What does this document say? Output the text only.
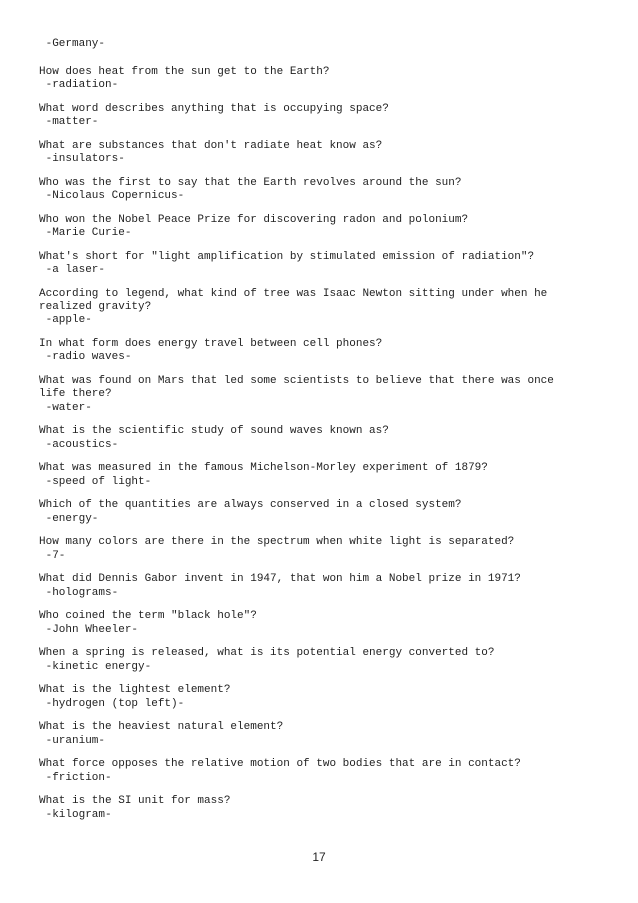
-Germany-
How does heat from the sun get to the Earth?
-radiation-
What word describes anything that is occupying space?
-matter-
What are substances that don't radiate heat know as?
-insulators-
Who was the first to say that the Earth revolves around the sun?
-Nicolaus Copernicus-
Who won the Nobel Peace Prize for discovering radon and polonium?
-Marie Curie-
What's short for "light amplification by stimulated emission of radiation"?
-a laser-
According to legend, what kind of tree was Isaac Newton sitting under when he
realized gravity?
-apple-
In what form does energy travel between cell phones?
-radio waves-
What was found on Mars that led some scientists to believe that there was once
life there?
-water-
What is the scientific study of sound waves known as?
-acoustics-
What was measured in the famous Michelson-Morley experiment of 1879?
-speed of light-
Which of the quantities are always conserved in a closed system?
-energy-
How many colors are there in the spectrum when white light is separated?
-7-
What did Dennis Gabor invent in 1947, that won him a Nobel prize in 1971?
-holograms-
Who coined the term "black hole"?
-John Wheeler-
When a spring is released, what is its potential energy converted to?
-kinetic energy-
What is the lightest element?
-hydrogen (top left)-
What is the heaviest natural element?
-uranium-
What force opposes the relative motion of two bodies that are in contact?
-friction-
What is the SI unit for mass?
-kilogram-
17
